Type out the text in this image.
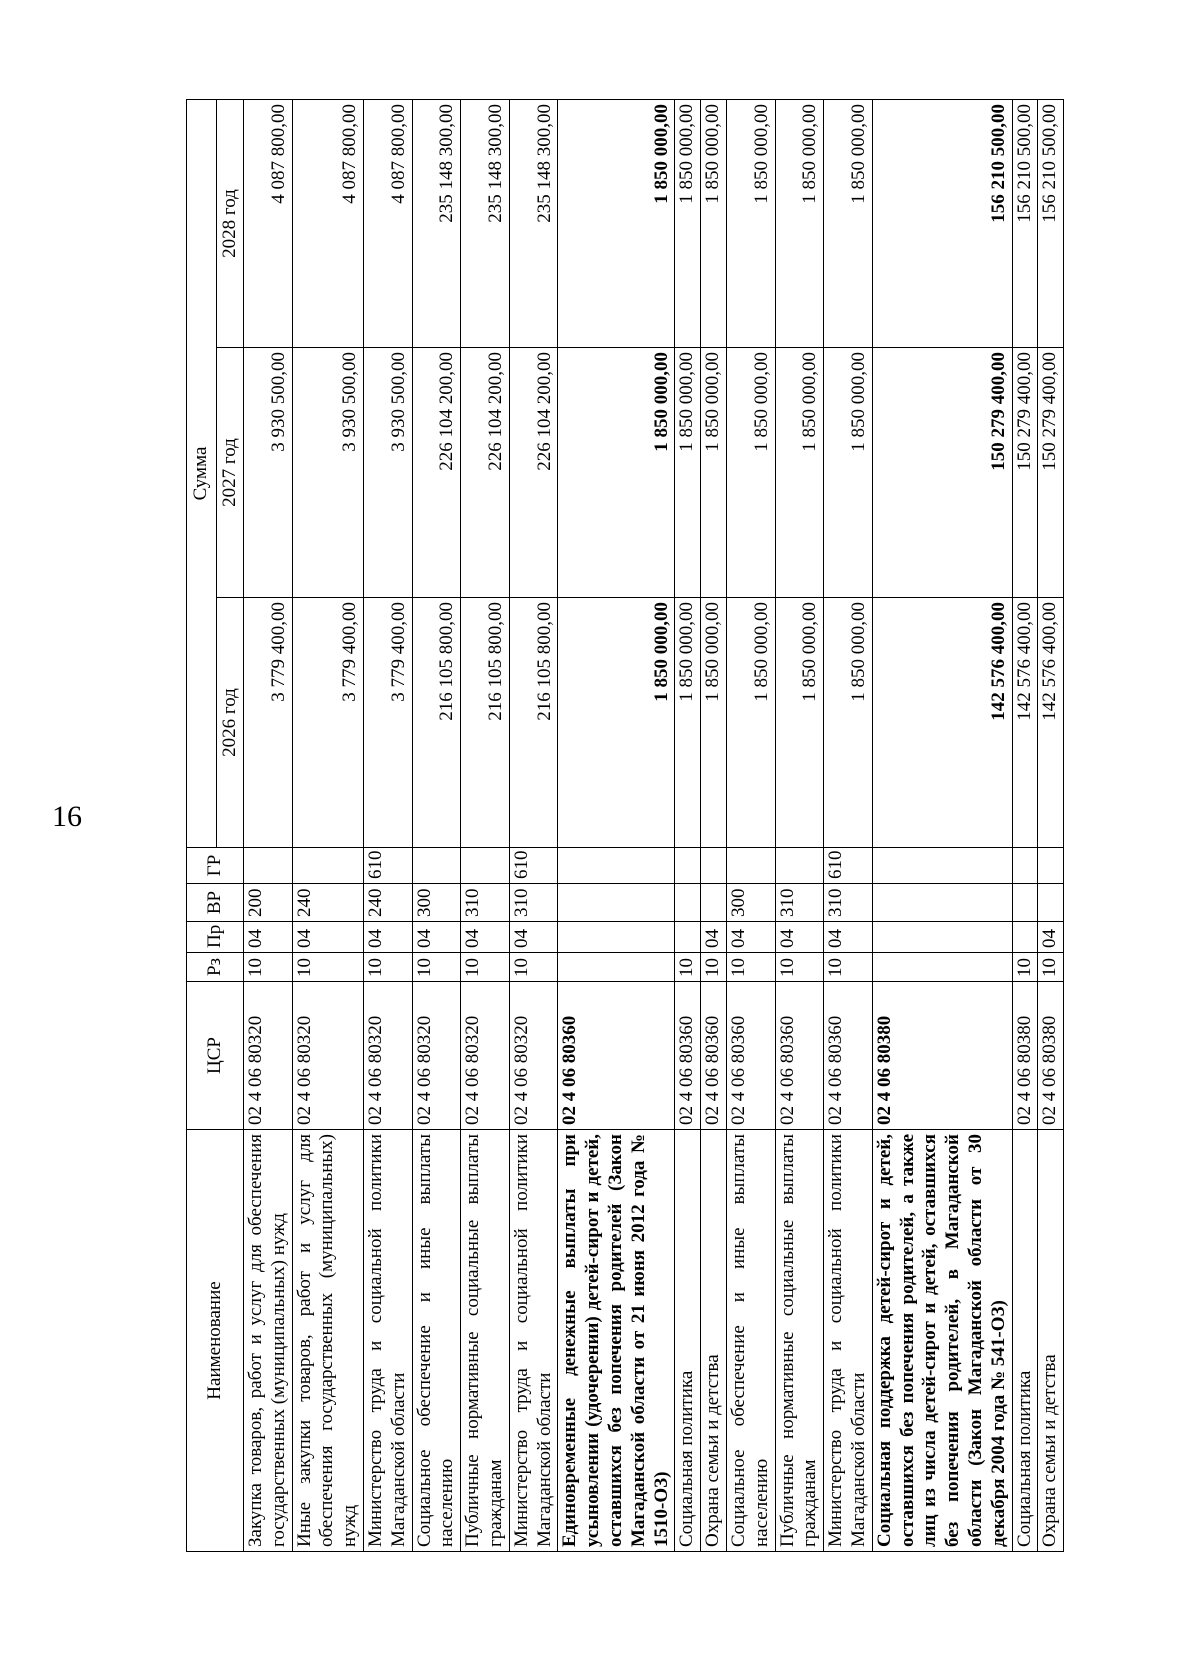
16
Наименование	ЦСР	Рз	Пр	ВР	ГР	Сумма		
						2026 год	2027 год	2028 год
Закупка товаров, работ и услуг для обеспечения государственных (муниципальных) нужд	02 4 06 80320	10	04	200		3 779 400,00	3 930 500,00	4 087 800,00
Иные закупки товаров, работ и услуг для обеспечения государственных (муниципальных) нужд	02 4 06 80320	10	04	240		3 779 400,00	3 930 500,00	4 087 800,00
Министерство труда и социальной политики Магаданской области	02 4 06 80320	10	04	240	610	3 779 400,00	3 930 500,00	4 087 800,00
Социальное обеспечение и иные выплаты населению	02 4 06 80320	10	04	300		216 105 800,00	226 104 200,00	235 148 300,00
Публичные нормативные социальные выплаты гражданам	02 4 06 80320	10	04	310		216 105 800,00	226 104 200,00	235 148 300,00
Министерство труда и социальной политики Магаданской области	02 4 06 80320	10	04	310	610	216 105 800,00	226 104 200,00	235 148 300,00
Единовременные денежные выплаты при усыновлении (удочерении) детей-сирот и детей, оставшихся без попечения родителей (Закон Магаданской области от 21 июня 2012 года № 1510-ОЗ)	02 4 06 80360					1 850 000,00	1 850 000,00	1 850 000,00
Социальная политика	02 4 06 80360	10				1 850 000,00	1 850 000,00	1 850 000,00
Охрана семьи и детства	02 4 06 80360	10	04			1 850 000,00	1 850 000,00	1 850 000,00
Социальное обеспечение и иные выплаты населению	02 4 06 80360	10	04	300		1 850 000,00	1 850 000,00	1 850 000,00
Публичные нормативные социальные выплаты гражданам	02 4 06 80360	10	04	310		1 850 000,00	1 850 000,00	1 850 000,00
Министерство труда и социальной политики Магаданской области	02 4 06 80360	10	04	310	610	1 850 000,00	1 850 000,00	1 850 000,00
Социальная поддержка детей-сирот и детей, оставшихся без попечения родителей, а также лиц из числа детей-сирот и детей, оставшихся без попечения родителей, в Магаданской области (Закон Магаданской области от 30 декабря 2004 года № 541-ОЗ)	02 4 06 80380					142 576 400,00	150 279 400,00	156 210 500,00
Социальная политика	02 4 06 80380	10				142 576 400,00	150 279 400,00	156 210 500,00
Охрана семьи и детства	02 4 06 80380	10	04			142 576 400,00	150 279 400,00	156 210 500,00
